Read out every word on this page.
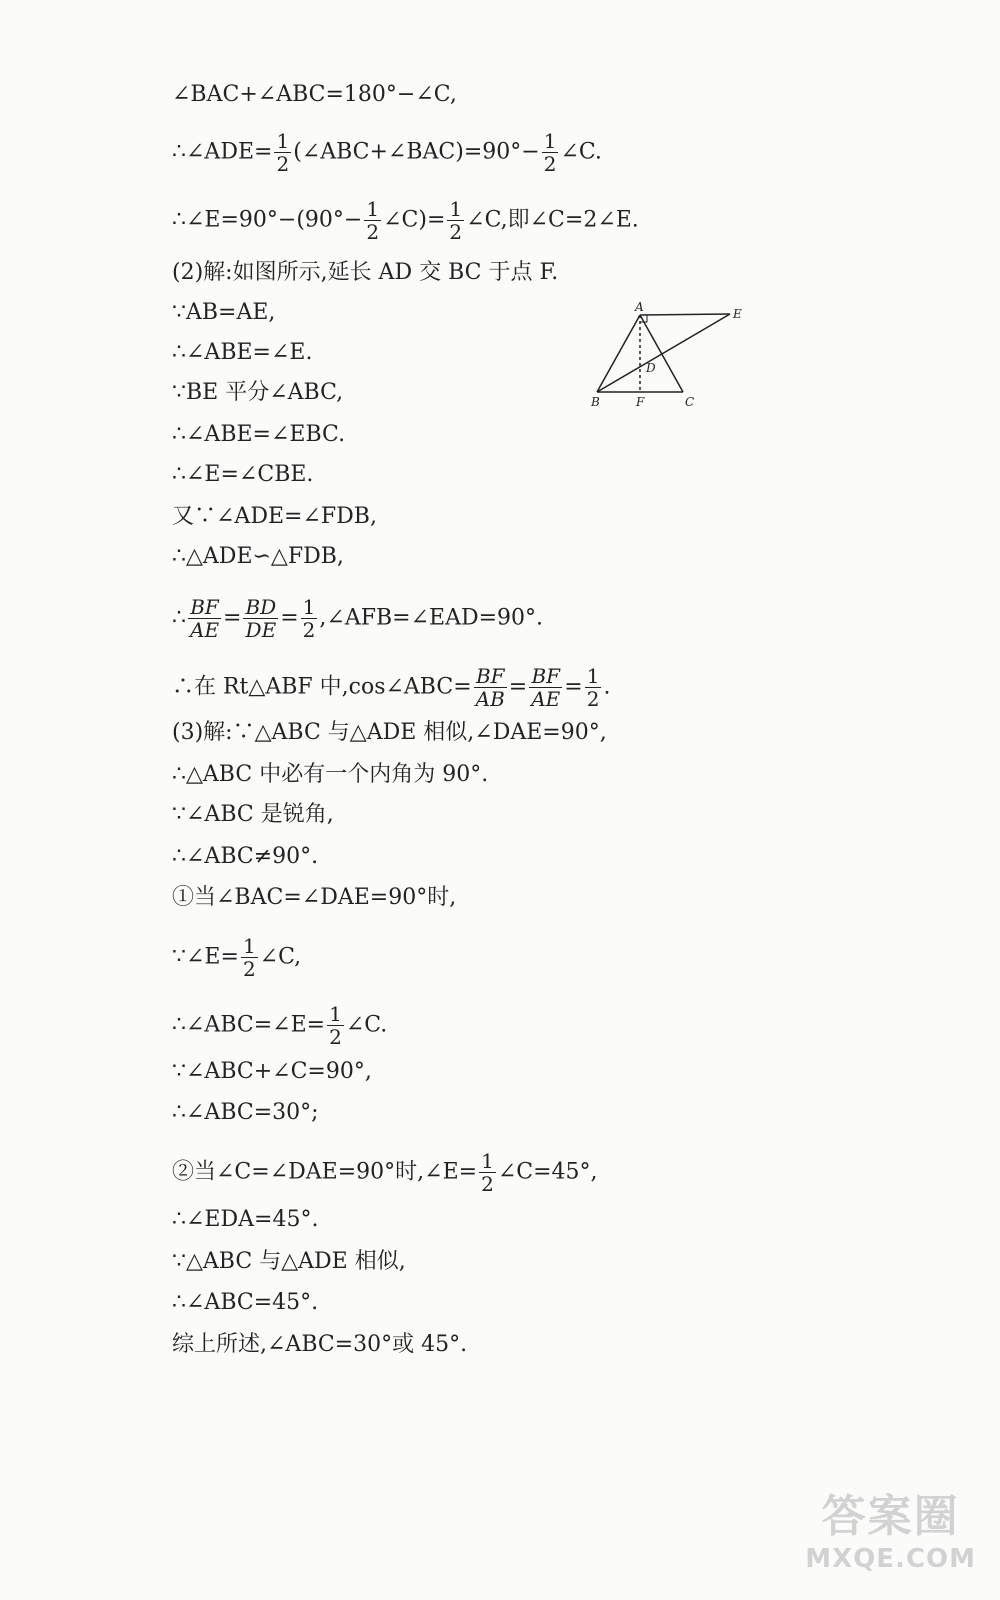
∠BAC+∠ABC=180°−∠C,
∴∠ADE= $\frac{1}{2}$ (∠ABC+∠BAC)=90°− $\frac{1}{2}$ ∠C.
∴∠E=90°−(90°− $\frac{1}{2}$ ∠C)= $\frac{1}{2}$ ∠C,即∠C=2∠E.
(2)解:如图所示,延长 AD 交 BC 于点 F.
∵AB=AE,
∴∠ABE=∠E.
∵BE 平分∠ABC,
∴∠ABE=∠EBC.
∴∠E=∠CBE.
又∵∠ADE=∠FDB,
∴△ADE∽△FDB,
∴ $\frac{BF}{AE} = \frac{BD}{DE} = \frac{1}{2}$ ,∠AFB=∠EAD=90°.
∴在 Rt△ABF 中,cos∠ABC= $\frac{BF}{AB} = \frac{BF}{AE} = \frac{1}{2}$ .
(3)解:∵△ABC 与△ADE 相似,∠DAE=90°,
∴△ABC 中必有一个内角为 90°.
∵∠ABC 是锐角,
∴∠ABC≠90°.
①当∠BAC=∠DAE=90°时,
∵∠E= $\frac{1}{2}$ ∠C,
∴∠ABC=∠E= $\frac{1}{2}$ ∠C.
∵∠ABC+∠C=90°,
∴∠ABC=30°;
②当∠C=∠DAE=90°时,∠E= $\frac{1}{2}$ ∠C=45°,
∴∠EDA=45°.
∵△ABC 与△ADE 相似,
∴∠ABC=45°.
综上所述,∠ABC=30°或 45°.
A	E
D
B	F	C
答案圈
MXQE.COM
